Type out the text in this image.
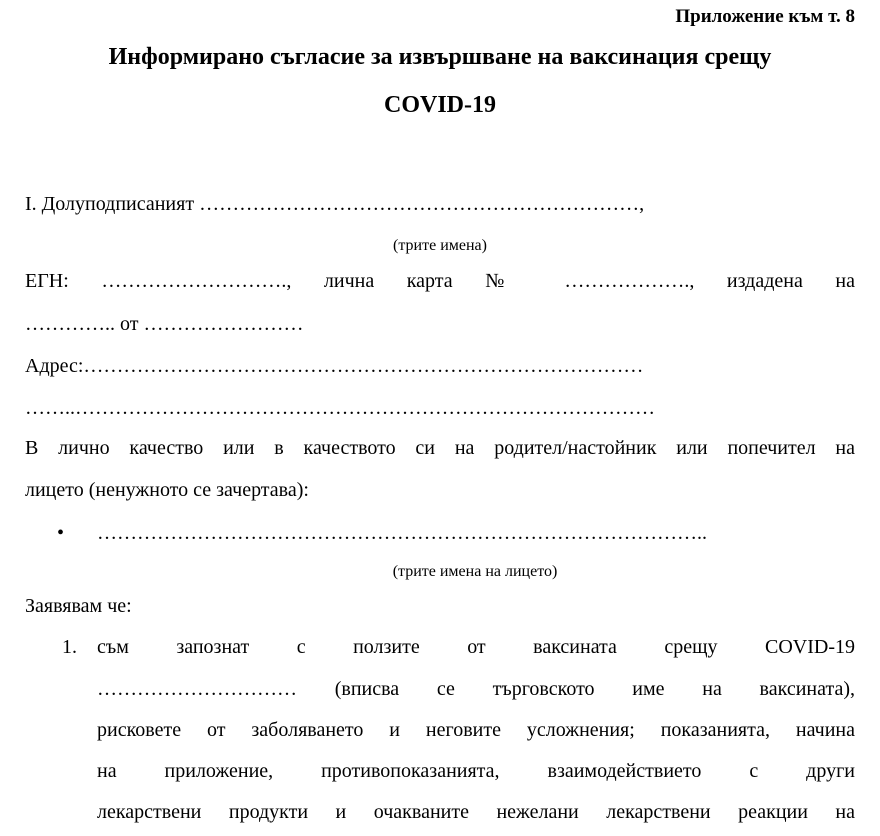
Приложение към т. 8
Информирано съгласие за извършване на ваксинация срещу
COVID-19
I. Долуподписаният …………………………………………………………,
(трите имена)
ЕГН: ………………………., лична карта № ………………., издадена на
………….. от ……………………
Адрес:…………………………………………………………………………
……..……………………………………………………………………………
В лично качество или в качеството си на родител/настойник или попечител на
лицето (ненужното се зачертава):
• ………………………………………………………………………………..
(трите имена на лицето)
Заявявам че:
1. съм запознат с ползите от ваксината срещу COVID-19
………………………… (вписва се търговското име на ваксината),
рисковете от заболяването и неговите усложнения; показанията, начина
на приложение, противопоказанията, взаимодействието с други
лекарствени продукти и очакваните нежелани лекарствени реакции на
